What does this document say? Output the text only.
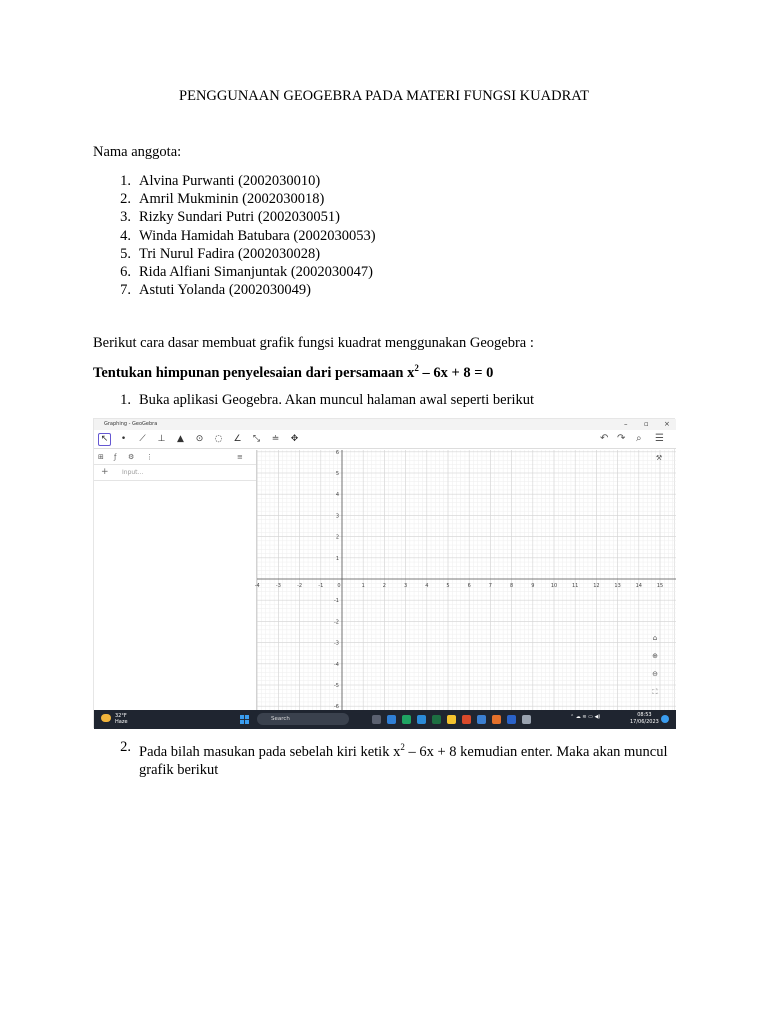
PENGGUNAAN GEOGEBRA PADA MATERI FUNGSI KUADRAT
Nama anggota:
1. Alvina Purwanti (2002030010)
2. Amril Mukminin (2002030018)
3. Rizky Sundari Putri (2002030051)
4. Winda Hamidah Batubara (2002030053)
5. Tri Nurul Fadira (2002030028)
6. Rida Alfiani Simanjuntak (2002030047)
7. Astuti Yolanda (2002030049)
Berikut cara dasar membuat grafik fungsi kuadrat menggunakan Geogebra :
Tentukan himpunan penyelesaian dari persamaan $x^2 - 6x + 8 = 0$
1. Buka aplikasi Geogebra. Akan muncul halaman awal seperti berikut
Graphing - GeoGebra	– ▫ ×
↖	•	⟋	⊥	▲	⊙	◌ ∠	⤡	≐	✥	↶ ↷ ⌕ ☰
⊞ ƒ ⚙ ⋮	≡
+ Input...
-4	-3	-2	-1	0	1	2	3	4	5	6	7	8	9	10	11	12	13	14	15
6
5
4
3
2
1
-1
-2
-3
-4
-5
-6
⌂
⊕
⊖
⛶
⚒
32°F
Haze	Search	⌃ ☁ ≋ ▭ ◀)	08:53
17/06/2023
2. Pada bilah masukan pada sebelah kiri ketik $x^2 - 6x + 8$ kemudian enter. Maka akan muncul grafik berikut
